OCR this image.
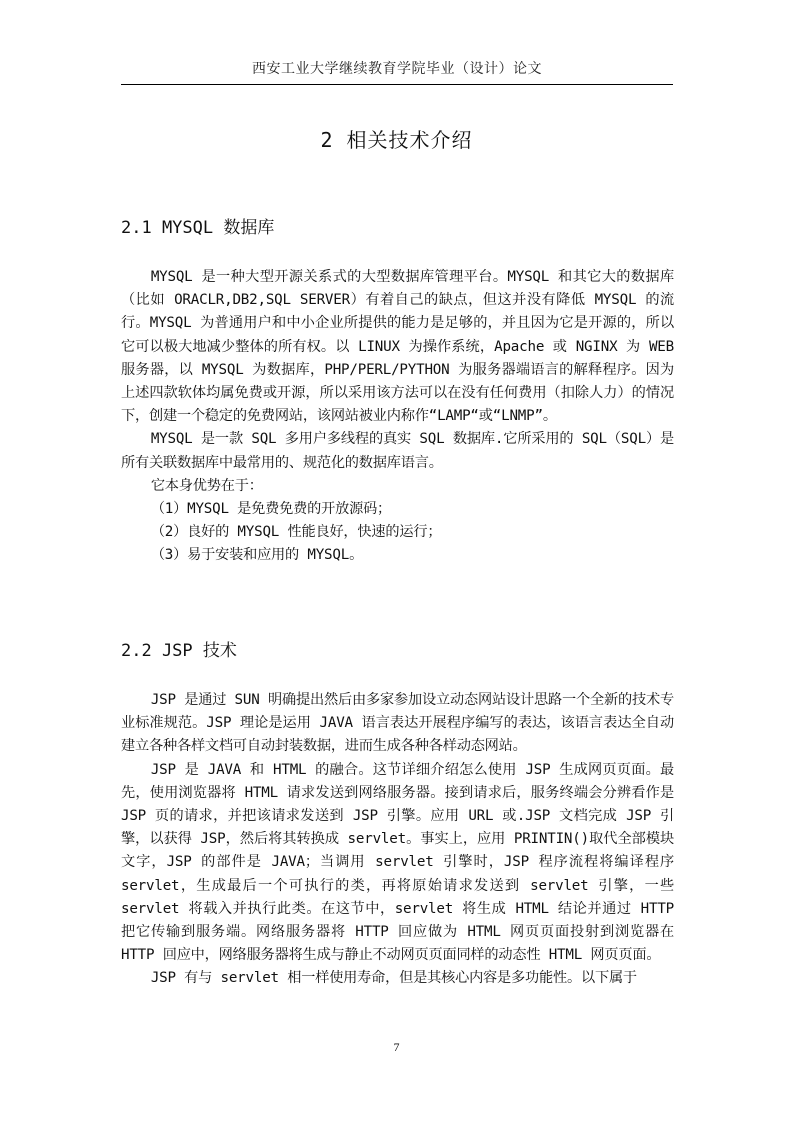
西安工业大学继续教育学院毕业（设计）论文
2 相关技术介绍
2.1 MYSQL 数据库

MYSQL 是一种大型开源关系式的大型数据库管理平台。MYSQL 和其它大的数据库（比如 ORACLR,DB2,SQL SERVER）有着自己的缺点，但这并没有降低 MYSQL 的流行。MYSQL 为普通用户和中小企业所提供的能力是足够的，并且因为它是开源的，所以它可以极大地减少整体的所有权。以 LINUX 为操作系统，Apache 或 NGINX 为 WEB 服务器，以 MYSQL 为数据库，PHP/PERL/PYTHON 为服务器端语言的解释程序。因为上述四款软体均属免费或开源，所以采用该方法可以在没有任何费用（扣除人力）的情况下，创建一个稳定的免费网站，该网站被业内称作“LAMP“或“LNMP”。

MYSQL 是一款 SQL 多用户多线程的真实 SQL 数据库.它所采用的 SQL（SQL）是所有关联数据库中最常用的、规范化的数据库语言。

它本身优势在于：

（1）MYSQL 是免费免费的开放源码；
（2）良好的 MYSQL 性能良好，快速的运行；
（3）易于安装和应用的 MYSQL。
2.2 JSP 技术

JSP 是通过 SUN 明确提出然后由多家参加设立动态网站设计思路一个全新的技术专业标准规范。JSP 理论是运用 JAVA 语言表达开展程序编写的表达，该语言表达全自动建立各种各样文档可自动封装数据，进而生成各种各样动态网站。

JSP 是 JAVA 和 HTML 的融合。这节详细介绍怎么使用 JSP 生成网页页面。最先，使用浏览器将 HTML 请求发送到网络服务器。接到请求后，服务终端会分辨看作是 JSP 页的请求，并把该请求发送到 JSP 引擎。应用 URL 或.JSP 文档完成 JSP 引擎，以获得 JSP，然后将其转换成 servlet。事实上，应用 PRINTIN()取代全部模块文字，JSP 的部件是 JAVA；当调用 servlet 引擎时，JSP 程序流程将编译程序 servlet，生成最后一个可执行的类，再将原始请求发送到 servlet 引擎，一些 servlet 将载入并执行此类。在这节中，servlet 将生成 HTML 结论并通过 HTTP 把它传输到服务端。网络服务器将 HTTP 回应做为 HTML 网页页面投射到浏览器在 HTTP 回应中，网络服务器将生成与静止不动网页页面同样的动态性 HTML 网页页面。

JSP 有与 servlet 相一样使用寿命，但是其核心内容是多功能性。以下属于

7
